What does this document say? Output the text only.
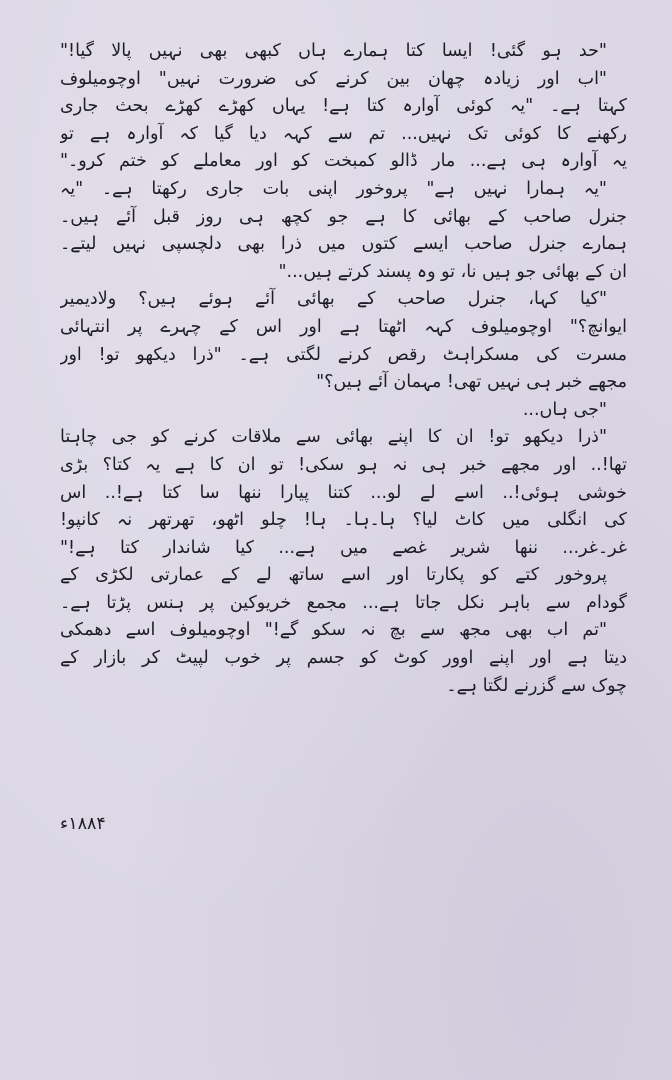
"حد ہو گئی! ایسا کتا ہمارے ہاں کبھی بھی نہیں پالا گیا!"
"اب اور زیادہ چھان بین کرنے کی ضرورت نہیں" اوچومیلوف
کہتا ہے۔ "یہ کوئی آوارہ کتا ہے! یہاں کھڑے کھڑے بحث جاری
رکھنے کا کوئی تک نہیں... تم سے کہہ دیا گیا کہ آوارہ ہے تو
یہ آوارہ ہی ہے... مار ڈالو کمبخت کو اور معاملے کو ختم کرو۔"
"یہ ہمارا نہیں ہے" پروخور اپنی بات جاری رکھتا ہے۔ "یہ
جنرل صاحب کے بھائی کا ہے جو کچھ ہی روز قبل آئے ہیں۔
ہمارے جنرل صاحب ایسے کتوں میں ذرا بھی دلچسپی نہیں لیتے۔
ان کے بھائی جو ہیں نا، تو وہ پسند کرتے ہیں..."
"کیا کہا، جنرل صاحب کے بھائی آئے ہوئے ہیں؟ ولادیمیر
ایوانچ؟" اوچومیلوف کہہ اٹھتا ہے اور اس کے چہرے پر انتہائی
مسرت کی مسکراہٹ رقص کرنے لگتی ہے۔ "ذرا دیکھو تو! اور
مجھے خبر ہی نہیں تھی! مہمان آئے ہیں؟"
"جی ہاں...
"ذرا دیکھو تو! ان کا اپنے بھائی سے ملاقات کرنے کو جی چاہتا
تھا!.. اور مجھے خبر ہی نہ ہو سکی! تو ان کا ہے یہ کتا؟ بڑی
خوشی ہوئی!.. اسے لے لو... کتنا پیارا ننھا سا کتا ہے!.. اس
کی انگلی میں کاٹ لیا؟ ہا۔ہا۔ ہا! چلو اٹھو، تھرتھر نہ کانپو!
غر۔غر... ننھا شریر غصے میں ہے... کیا شاندار کتا ہے!"
پروخور کتے کو پکارتا اور اسے ساتھ لے کے عمارتی لکڑی کے
گودام سے باہر نکل جاتا ہے... مجمع خریوکین پر ہنس پڑتا ہے۔
"تم اب بھی مجھ سے بچ نہ سکو گے!" اوچومیلوف اسے دھمکی
دیتا ہے اور اپنے اوور کوٹ کو جسم پر خوب لپیٹ کر بازار کے
چوک سے گزرنے لگتا ہے۔
۱۸۸۴ء
